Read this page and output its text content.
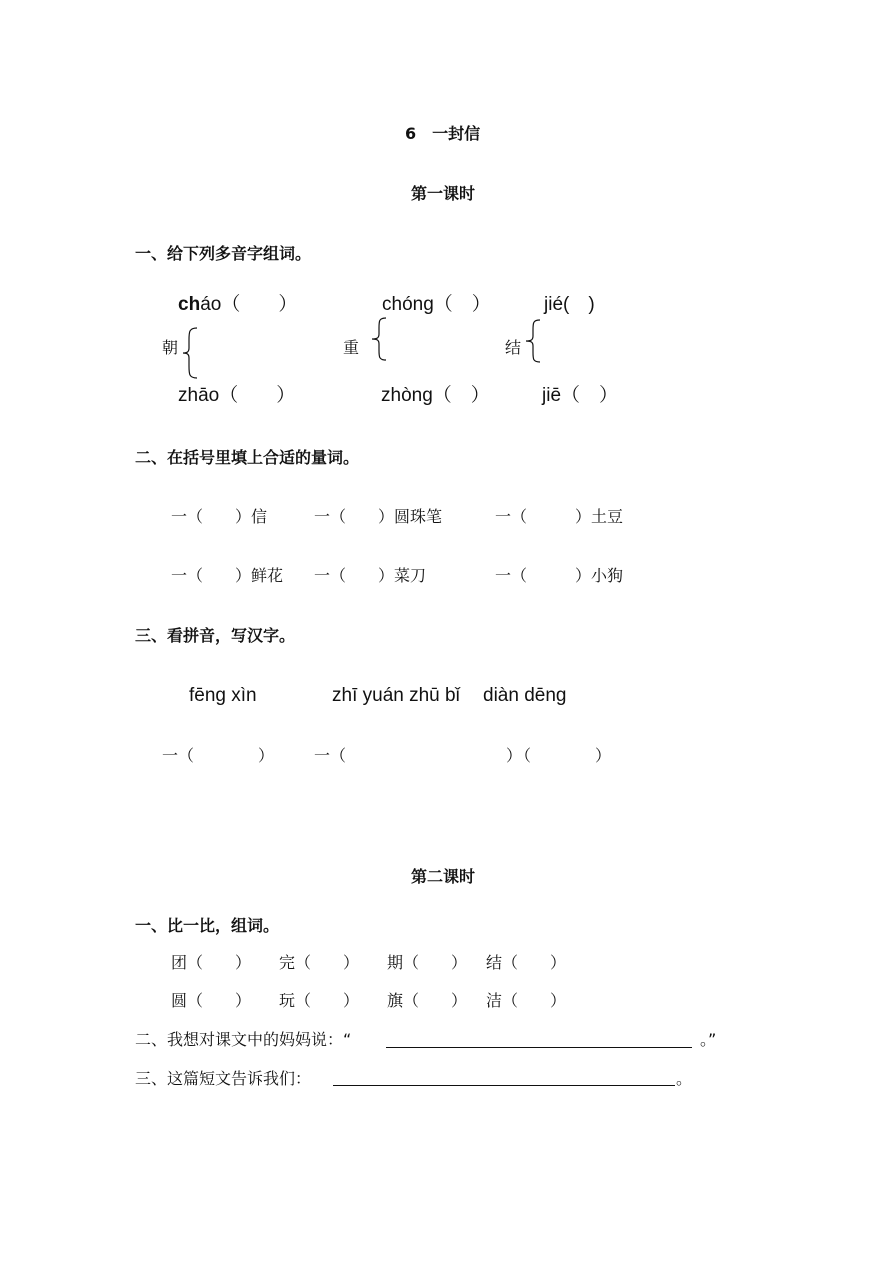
6　一封信
第一课时
一、给下列多音字组词。
cháo（　　）
朝
zhāo（　　）
chóng（　）
重
zhòng（　）
jié(　)
结
jiē（　）
二、在括号里填上合适的量词。
一（　　）信	一（　　）圆珠笔	一（　　　）土豆
一（　　）鲜花 一（　　）菜刀	一（　　　）小狗
三、看拼音，写汉字。
fēng xìn	zhī yuán zhū bǐ diàn dēng
一（　　　　） 一（　　　　　　　　　　）
（　　　　）
第二课时
一、比一比，组词。
团（　　） 完（　　） 期（　　） 结（　　）
圆（　　） 玩（　　） 旗（　　） 洁（　　）
二、我想对课文中的妈妈说：“	。”
三、这篇短文告诉我们：	。
